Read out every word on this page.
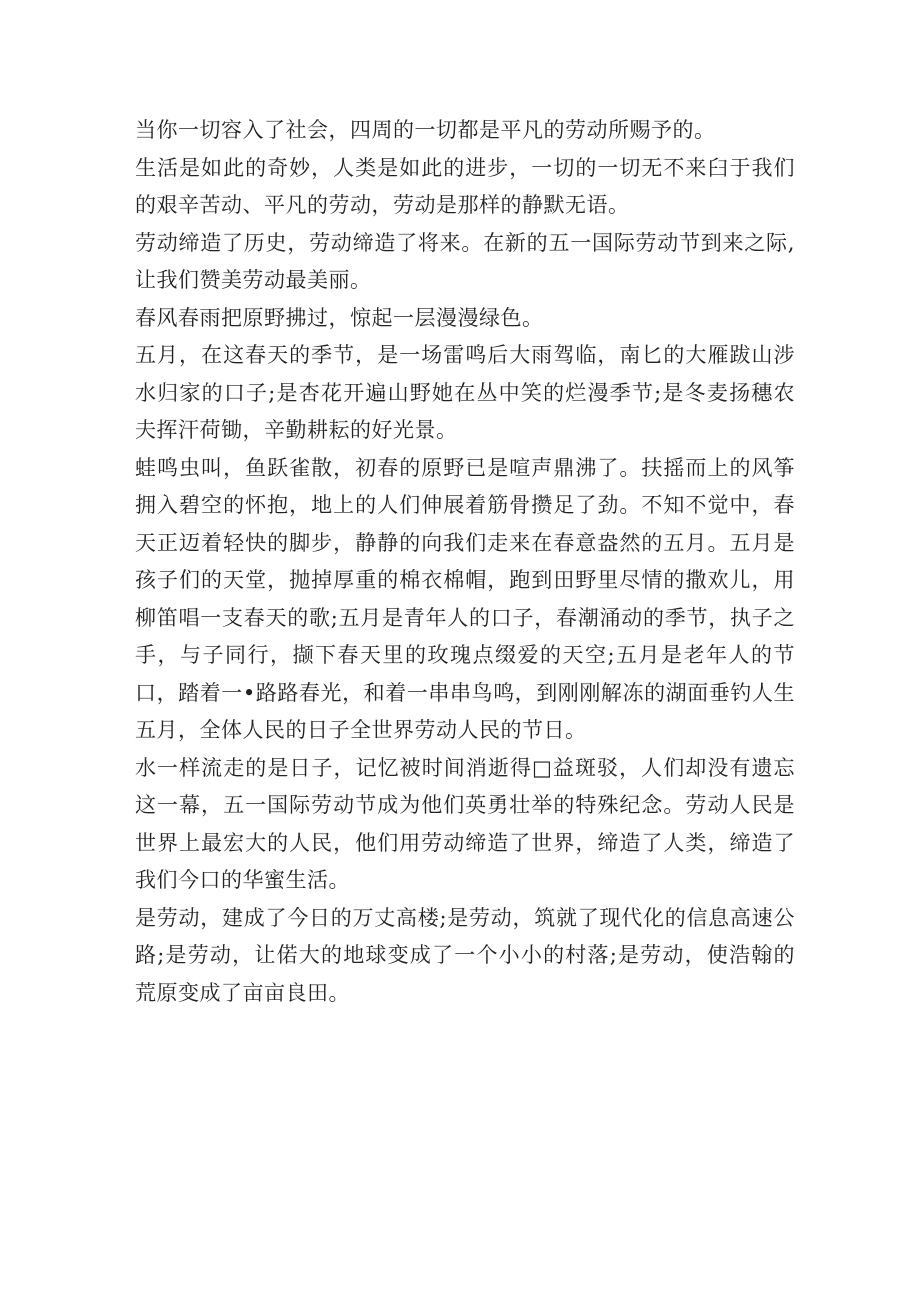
当你一切容入了社会，四周的一切都是平凡的劳动所赐予的。

生活是如此的奇妙，人类是如此的进步，一切的一切无不来臼于我们的艰辛苦动、平凡的劳动，劳动是那样的静默无语。

劳动缔造了历史，劳动缔造了将来。在新的五一国际劳动节到来之际,让我们赞美劳动最美丽。

春风春雨把原野拂过，惊起一层漫漫绿色。

五月，在这春天的季节，是一场雷鸣后大雨驾临，南匕的大雁跋山涉水归家的口子;是杏花开遍山野她在丛中笑的烂漫季节;是冬麦扬穗农夫挥汗荷锄，辛勤耕耘的好光景。

蛙鸣虫叫，鱼跃雀散，初春的原野已是喧声鼎沸了。扶摇而上的风筝拥入碧空的怀抱，地上的人们伸展着筋骨攒足了劲。不知不觉中，春天正迈着轻快的脚步，静静的向我们走来在春意盎然的五月。五月是孩子们的天堂，抛掉厚重的棉衣棉帽，跑到田野里尽情的撒欢儿，用柳笛唱一支春天的歌;五月是青年人的口子，春潮涌动的季节，执子之手，与子同行，撷下春天里的玫瑰点缀爱的天空;五月是老年人的节口，踏着一•路路春光，和着一串串鸟鸣，到刚刚解冻的湖面垂钓人生五月，全体人民的日子全世界劳动人民的节日。

水一样流走的是日子，记忆被时间消逝得□益斑驳，人们却没有遗忘这一幕，五一国际劳动节成为他们英勇壮举的特殊纪念。劳动人民是世界上最宏大的人民，他们用劳动缔造了世界，缔造了人类，缔造了我们今口的华蜜生活。

是劳动，建成了今日的万丈高楼;是劳动，筑就了现代化的信息高速公路;是劳动，让偌大的地球变成了一个小小的村落;是劳动，使浩翰的荒原变成了亩亩良田。
